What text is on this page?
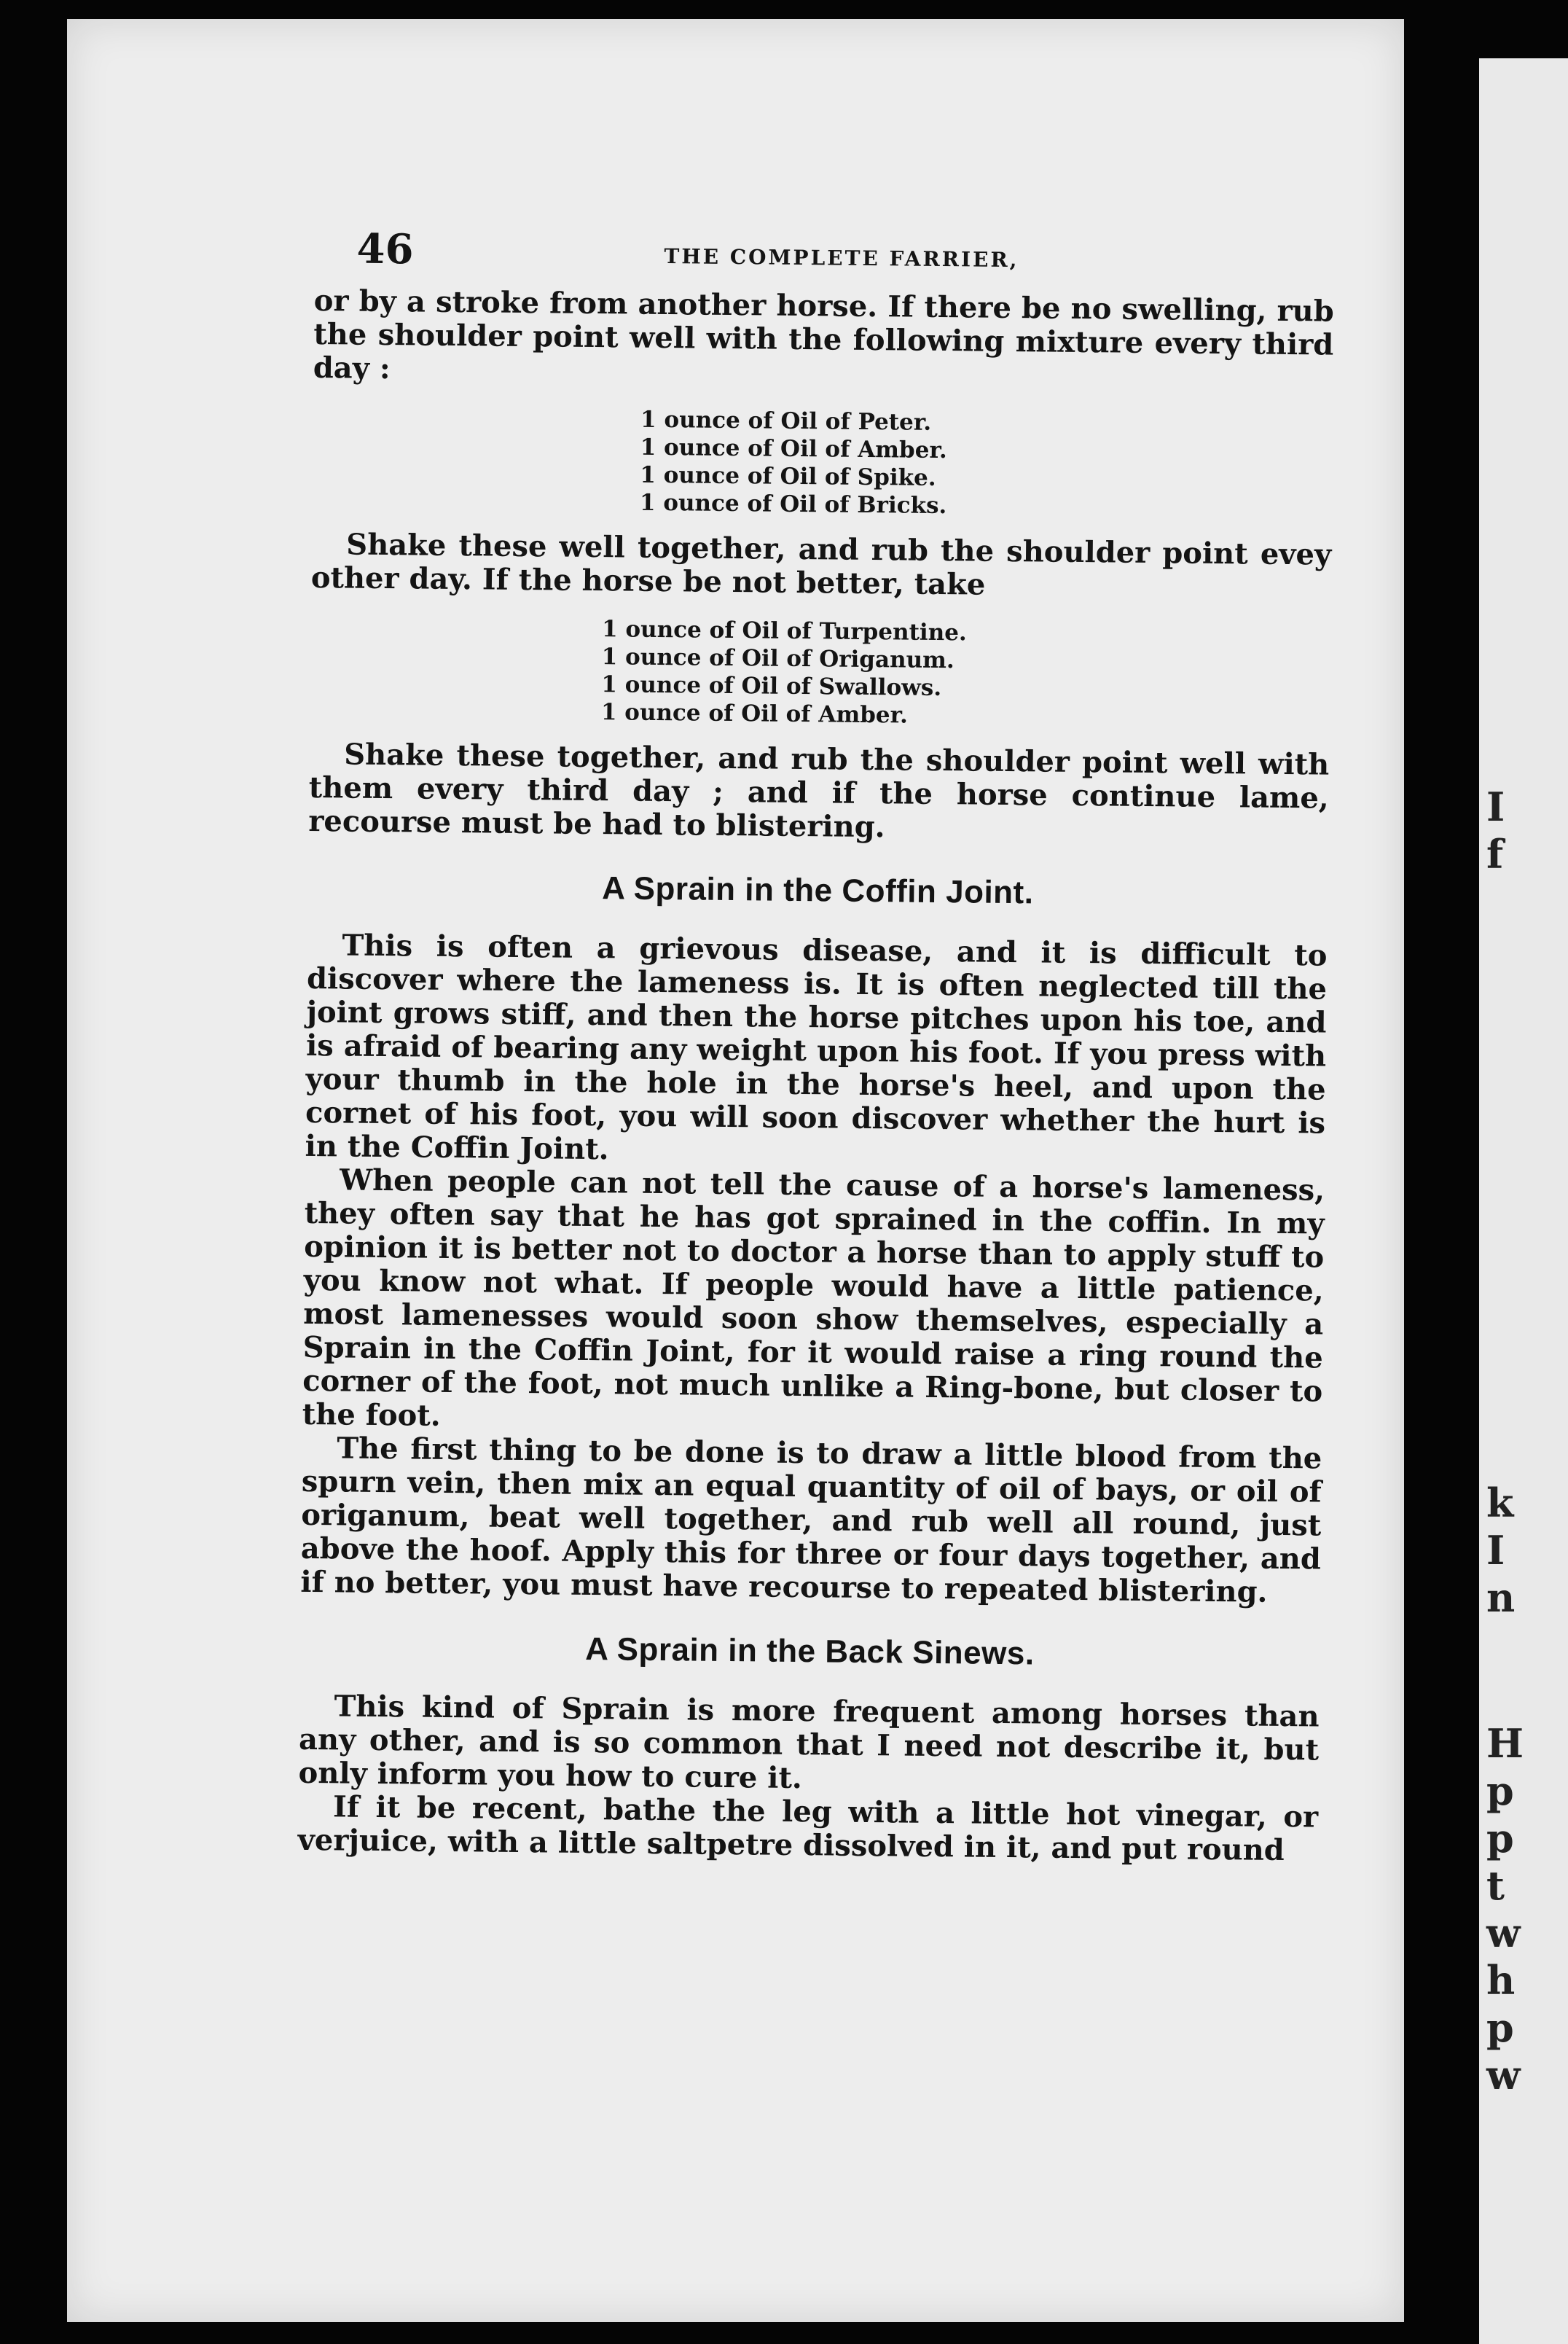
I
f
k
I
n
H
p
p
t
w
h
p
w
46	THE COMPLETE FARRIER,

or by a stroke from another horse. If there be no swelling, rub the shoulder point well with the following mixture every third day :

1 ounce of Oil of Peter.
1 ounce of Oil of Amber.
1 ounce of Oil of Spike.
1 ounce of Oil of Bricks.

Shake these well together, and rub the shoulder point evey other day. If the horse be not better, take

1 ounce of Oil of Turpentine.
1 ounce of Oil of Origanum.
1 ounce of Oil of Swallows.
1 ounce of Oil of Amber.

Shake these together, and rub the shoulder point well with them every third day ; and if the horse continue lame, recourse must be had to blistering.

A Sprain in the Coffin Joint.

This is often a grievous disease, and it is difficult to discover where the lameness is. It is often neglected till the joint grows stiff, and then the horse pitches upon his toe, and is afraid of bearing any weight upon his foot. If you press with your thumb in the hole in the horse's heel, and upon the cornet of his foot, you will soon discover whether the hurt is in the Coffin Joint.

When people can not tell the cause of a horse's lameness, they often say that he has got sprained in the coffin. In my opinion it is better not to doctor a horse than to apply stuff to you know not what. If people would have a little patience, most lamenesses would soon show themselves, especially a Sprain in the Coffin Joint, for it would raise a ring round the corner of the foot, not much unlike a Ring-bone, but closer to the foot.

The first thing to be done is to draw a little blood from the spurn vein, then mix an equal quantity of oil of bays, or oil of origanum, beat well together, and rub well all round, just above the hoof. Apply this for three or four days together, and if no better, you must have recourse to repeated blistering.

A Sprain in the Back Sinews.

This kind of Sprain is more frequent among horses than any other, and is so common that I need not describe it, but only inform you how to cure it.

If it be recent, bathe the leg with a little hot vinegar, or verjuice, with a little saltpetre dissolved in it, and put round
